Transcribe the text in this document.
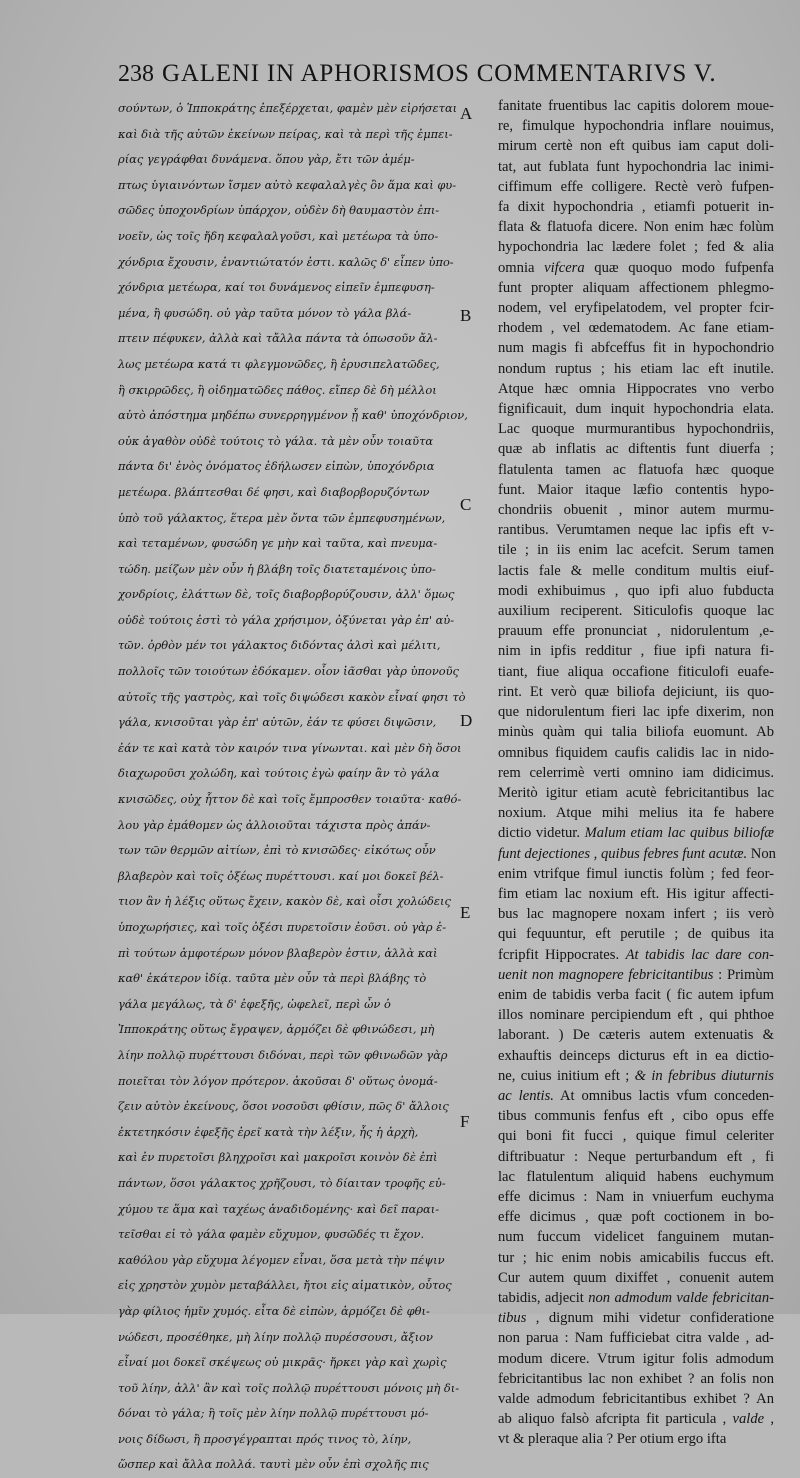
238 GALENI IN APHORISMOS COMMENTARIVS V.
σούντων, ὁ Ἱπποκράτης ἐπεξέρχεται, φαμὲν μὲν εἰρήσεται
καὶ διὰ τῆς αὐτῶν ἐκείνων πείρας, καὶ τὰ περὶ τῆς ἐμπει-
ρίας γεγράφθαι δυνάμενα. ὅπου γὰρ, ἔτι τῶν ἀμέμ-
πτως ὑγιαινόντων ἴσμεν αὐτὸ κεφαλαλγὲς ὂν ἅμα καὶ φυ-
σῶδες ὑποχονδρίων ὑπάρχον, οὐδὲν δὴ θαυμαστὸν ἐπι-
νοεῖν, ὡς τοῖς ἤδη κεφαλαλγοῦσι, καὶ μετέωρα τὰ ὑπο-
χόνδρια ἔχουσιν, ἐναντιώτατόν ἐστι. καλῶς δ' εἶπεν ὑπο-
χόνδρια μετέωρα, καί τοι δυνάμενος εἰπεῖν ἐμπεφυση-
μένα, ἢ φυσώδη. οὐ γὰρ ταῦτα μόνον τὸ γάλα βλά-
πτειν πέφυκεν, ἀλλὰ καὶ τἄλλα πάντα τὰ ὁπωσοῦν ἄλ-
λως μετέωρα κατά τι φλεγμονῶδες, ἢ ἐρυσιπελατῶδες,
ἢ σκιρρῶδες, ἢ οἰδηματῶδες πάθος. εἴπερ δὲ δὴ μέλλοι
αὐτὸ ἀπόστημα μηδέπω συνερρηγμένον ᾖ καθ' ὑποχόνδριον,
οὐκ ἀγαθὸν οὐδὲ τούτοις τὸ γάλα. τὰ μὲν οὖν τοιαῦτα
πάντα δι' ἑνὸς ὀνόματος ἐδήλωσεν εἰπὼν, ὑποχόνδρια
μετέωρα. βλάπτεσθαι δέ φησι, καὶ διαβορβορυζόντων
ὑπὸ τοῦ γάλακτος, ἕτερα μὲν ὄντα τῶν ἐμπεφυσημένων,
καὶ τεταμένων, φυσώδη γε μὴν καὶ ταῦτα, καὶ πνευμα-
τώδη. μείζων μὲν οὖν ἡ βλάβη τοῖς διατεταμένοις ὑπο-
χονδρίοις, ἐλάττων δὲ, τοῖς διαβορβορύζουσιν, ἀλλ' ὅμως
οὐδὲ τούτοις ἐστὶ τὸ γάλα χρήσιμον, ὀξύνεται γὰρ ἐπ' αὐ-
τῶν. ὀρθὸν μέν τοι γάλακτος διδόντας ἁλσὶ καὶ μέλιτι,
πολλοῖς τῶν τοιούτων ἐδόκαμεν. οἷον ἰᾶσθαι γὰρ ὑπονοῦς
αὐτοῖς τῆς γαστρὸς, καὶ τοῖς διψώδεσι κακὸν εἶναί φησι τὸ
γάλα, κνισοῦται γὰρ ἐπ' αὐτῶν, ἐάν τε φύσει διψῶσιν,
ἐάν τε καὶ κατὰ τὸν καιρόν τινα γίνωνται. καὶ μὲν δὴ ὅσοι
διαχωροῦσι χολώδη, καὶ τούτοις ἐγὼ φαίην ἂν τὸ γάλα
κνισῶδες, οὐχ ἧττον δὲ καὶ τοῖς ἔμπροσθεν τοιαῦτα· καθό-
λου γὰρ ἐμάθομεν ὡς ἀλλοιοῦται τάχιστα πρὸς ἀπάν-
των τῶν θερμῶν αἰτίων, ἐπὶ τὸ κνισῶδες· εἰκότως οὖν
βλαβερὸν καὶ τοῖς ὀξέως πυρέττουσι. καί μοι δοκεῖ βέλ-
τιον ἂν ἡ λέξις οὕτως ἔχειν, κακὸν δὲ, καὶ οἷσι χολώδεις
ὑποχωρήσιες, καὶ τοῖς ὀξέσι πυρετοῖσιν ἐοῦσι. οὐ γὰρ ἐ-
πὶ τούτων ἀμφοτέρων μόνον βλαβερὸν ἐστιν, ἀλλὰ καὶ
καθ' ἑκάτερον ἰδίᾳ. ταῦτα μὲν οὖν τὰ περὶ βλάβης τὸ
γάλα μεγάλως, τὰ δ' ἐφεξῆς, ὠφελεῖ, περὶ ὧν ὁ
Ἱπποκράτης οὕτως ἔγραψεν, ἁρμόζει δὲ φθινώδεσι, μὴ
λίην πολλῷ πυρέττουσι διδόναι, περὶ τῶν φθινωδῶν γὰρ
ποιεῖται τὸν λόγον πρότερον. ἀκοῦσαι δ' οὕτως ὀνομά-
ζειν αὐτὸν ἐκείνους, ὅσοι νοσοῦσι φθίσιν, πῶς δ' ἄλλοις
ἐκτετηκόσιν ἐφεξῆς ἐρεῖ κατὰ τὴν λέξιν, ἧς ἡ ἀρχὴ,
καὶ ἐν πυρετοῖσι βληχροῖσι καὶ μακροῖσι κοινὸν δὲ ἐπὶ
πάντων, ὅσοι γάλακτος χρῆζουσι, τὸ δίαιταν τροφῆς εὐ-
χύμου τε ἅμα καὶ ταχέως ἀναδιδομένης· καὶ δεῖ παραι-
τεῖσθαι εἰ τὸ γάλα φαμὲν εὔχυμον, φυσῶδές τι ἔχον.
καθόλου γὰρ εὔχυμα λέγομεν εἶναι, ὅσα μετὰ τὴν πέψιν
εἰς χρηστὸν χυμὸν μεταβάλλει, ἤτοι εἰς αἱματικὸν, οὗτος
γὰρ φίλιος ἡμῖν χυμός. εἶτα δὲ εἰπὼν, ἁρμόζει δὲ φθι-
νώδεσι, προσέθηκε, μὴ λίην πολλῷ πυρέσσουσι, ἄξιον
εἶναί μοι δοκεῖ σκέψεως οὐ μικρᾶς· ἤρκει γὰρ καὶ χωρὶς
τοῦ λίην, ἀλλ' ἂν καὶ τοῖς πολλῷ πυρέττουσι μόνοις μὴ δι-
δόναι τὸ γάλα; ἢ τοῖς μὲν λίην πολλῷ πυρέττουσι μό-
νοις δίδωσι, ἢ προσγέγραπται πρός τινος τὸ, λίην,
ὥσπερ καὶ ἄλλα πολλά. ταυτὶ μὲν οὖν ἐπὶ σχολῆς πις
A
B
C
D
E
F
fanitate fruentibus lac capitis dolorem moue-
re, fimulque hypochondria inflare nouimus,
mirum certè non eft quibus iam caput doli-
tat, aut fublata funt hypochondria lac inimi-
ciffimum effe colligere. Rectè verò fufpen-
fa dixit hypochondria , etiamfi potuerit in-
flata & flatuofa dicere. Non enim hæc folùm
hypochondria lac lædere folet ; fed & alia
omnia vifcera quæ quoquo modo fufpenfa
funt propter aliquam affectionem phlegmo-
nodem, vel eryfipelatodem, vel propter fcir-
rhodem , vel œdematodem. Ac fane etiam-
num magis fi abfceffus fit in hypochondrio
nondum ruptus ; his etiam lac eft inutile.
Atque hæc omnia Hippocrates vno verbo
fignificauit, dum inquit hypochondria elata.
Lac quoque murmurantibus hypochondriis,
quæ ab inflatis ac diftentis funt diuerfa ;
flatulenta tamen ac flatuofa hæc quoque
funt. Maior itaque læfio contentis hypo-
chondriis obuenit , minor autem murmu-
rantibus. Verumtamen neque lac ipfis eft v-
tile ; in iis enim lac acefcit. Serum tamen
lactis fale & melle conditum multis eiuf-
modi exhibuimus , quo ipfi aluo fubducta
auxilium reciperent. Siticulofis quoque lac
prauum effe pronunciat , nidorulentum ,e-
nim in ipfis redditur , fiue ipfi natura fi-
tiant, fiue aliqua occafione fiticulofi euafe-
rint. Et verò quæ biliofa dejiciunt, iis quo-
que nidorulentum fieri lac ipfe dixerim, non
minùs quàm qui talia biliofa euomunt. Ab
omnibus fiquidem caufis calidis lac in nido-
rem celerrimè verti omnino iam didicimus.
Meritò igitur etiam acutè febricitantibus lac
noxium. Atque mihi melius ita fe habere
dictio videtur. Malum etiam lac quibus biliofæ
funt dejectiones , quibus febres funt acutæ. Non
enim vtrifque fimul iunctis folùm ; fed feor-
fim etiam lac noxium eft. His igitur affecti-
bus lac magnopere noxam infert ; iis verò
qui fequuntur, eft perutile ; de quibus ita
fcripfit Hippocrates. At tabidis lac dare con-
uenit non magnopere febricitantibus : Primùm
enim de tabidis verba facit ( fic autem ipfum
illos nominare percipiendum eft , qui phthoe
laborant. ) De cæteris autem extenuatis &
exhauftis deinceps dicturus eft in ea dictio-
ne, cuius initium eft ; & in febribus diuturnis
ac lentis. At omnibus lactis vfum conceden-
tibus communis fenfus eft , cibo opus effe
qui boni fit fucci , quique fimul celeriter
diftribuatur : Neque perturbandum eft , fi
lac flatulentum aliquid habens euchymum
effe dicimus : Nam in vniuerfum euchyma
effe dicimus , quæ poft coctionem in bo-
num fuccum videlicet fanguinem mutan-
tur ; hic enim nobis amicabilis fuccus eft.
Cur autem quum dixiffet , conuenit autem
tabidis, adjecit non admodum valde febricitan-
tibus , dignum mihi videtur confideratione
non parua : Nam fufficiebat citra valde , ad-
modum dicere. Vtrum igitur folis admodum
febricitantibus lac non exhibet ? an folis non
valde admodum febricitantibus exhibet ? An
ab aliquo falsò afcripta fit particula , valde ,
vt & pleraque alia ? Per otium ergo ifta
